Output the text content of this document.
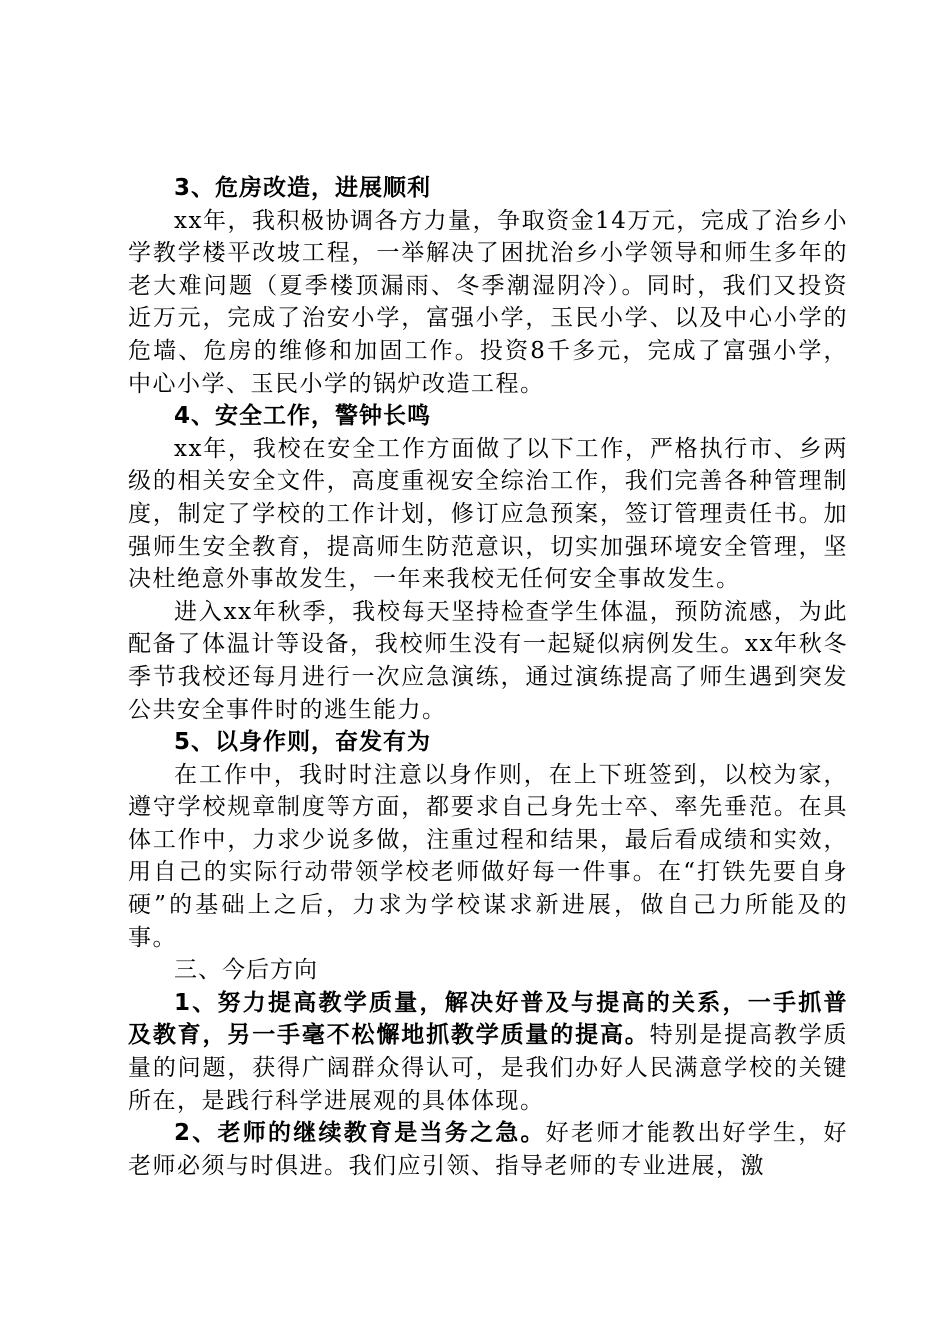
3、危房改造，进展顺利

xx年，我积极协调各方力量，争取资金14万元，完成了治乡小学教学楼平改坡工程，一举解决了困扰治乡小学领导和师生多年的老大难问题（夏季楼顶漏雨、冬季潮湿阴冷）。同时，我们又投资近万元，完成了治安小学，富强小学，玉民小学、以及中心小学的危墙、危房的维修和加固工作。投资8千多元，完成了富强小学，中心小学、玉民小学的锅炉改造工程。

4、安全工作，警钟长鸣

xx年，我校在安全工作方面做了以下工作，严格执行市、乡两级的相关安全文件，高度重视安全综治工作，我们完善各种管理制度，制定了学校的工作计划，修订应急预案，签订管理责任书。加强师生安全教育，提高师生防范意识，切实加强环境安全管理，坚决杜绝意外事故发生，一年来我校无任何安全事故发生。

进入xx年秋季，我校每天坚持检查学生体温，预防流感，为此配备了体温计等设备，我校师生没有一起疑似病例发生。xx年秋冬季节我校还每月进行一次应急演练，通过演练提高了师生遇到突发公共安全事件时的逃生能力。

5、以身作则，奋发有为

在工作中，我时时注意以身作则，在上下班签到，以校为家，遵守学校规章制度等方面，都要求自己身先士卒、率先垂范。在具体工作中，力求少说多做，注重过程和结果，最后看成绩和实效，用自己的实际行动带领学校老师做好每一件事。在“打铁先要自身硬”的基础上之后，力求为学校谋求新进展，做自己力所能及的事。

三、今后方向

1、努力提高教学质量，解决好普及与提高的关系，一手抓普及教育，另一手毫不松懈地抓教学质量的提高。特别是提高教学质量的问题，获得广阔群众得认可，是我们办好人民满意学校的关键所在，是践行科学进展观的具体体现。

2、老师的继续教育是当务之急。好老师才能教出好学生，好老师必须与时俱进。我们应引领、指导老师的专业进展，激
